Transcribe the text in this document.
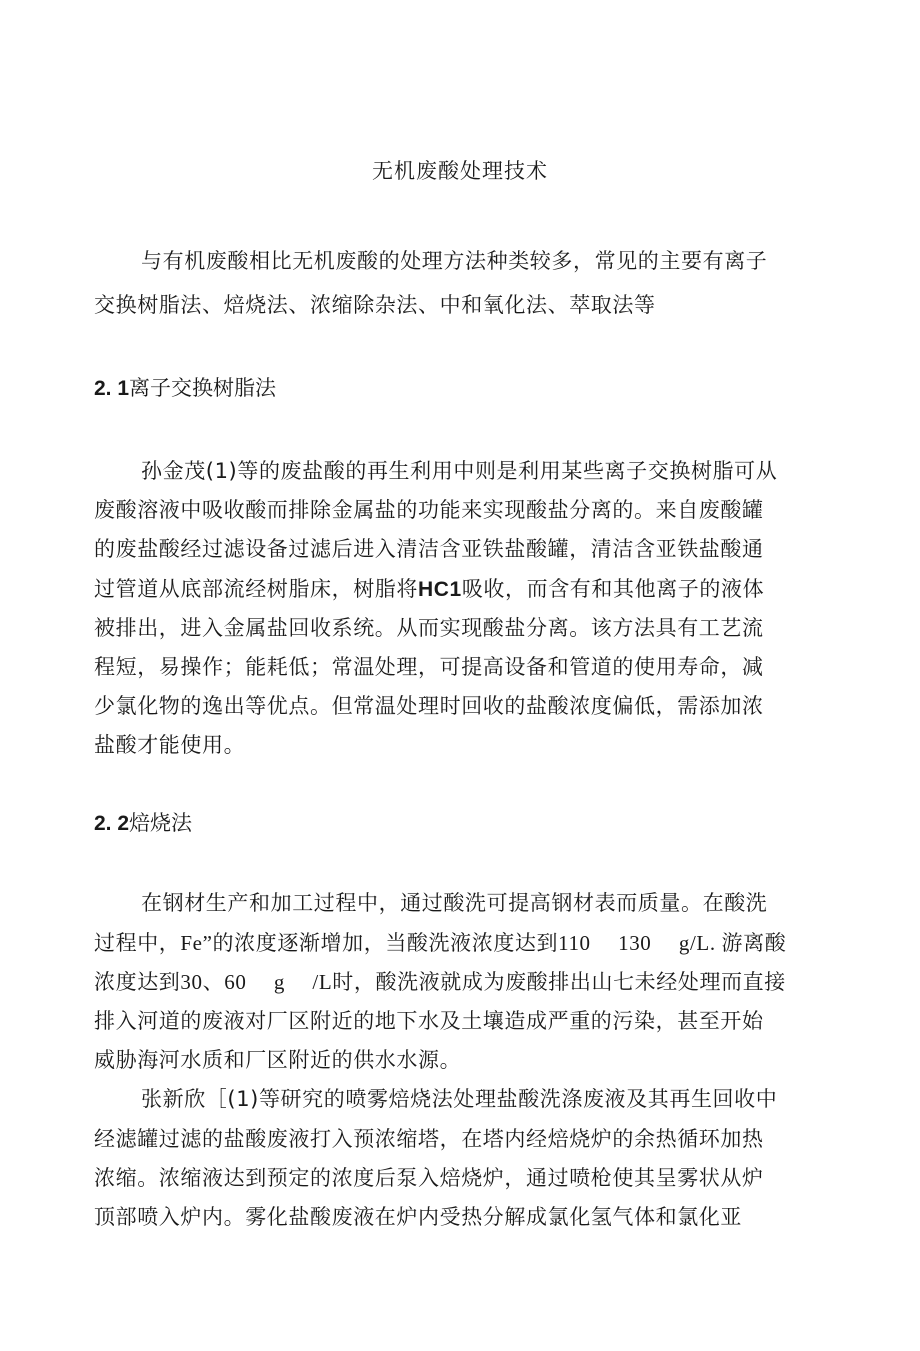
无机废酸处理技术
与有机废酸相比无机废酸的处理方法种类较多，常见的主要有离子
交换树脂法、焙烧法、浓缩除杂法、中和氧化法、萃取法等
2. 1离子交换树脂法
孙金茂(1)等的废盐酸的再生利用中则是利用某些离子交换树脂可从
废酸溶液中吸收酸而排除金属盐的功能来实现酸盐分离的。来自废酸罐
的废盐酸经过滤设备过滤后进入清洁含亚铁盐酸罐，清洁含亚铁盐酸通
过管道从底部流经树脂床，树脂将HC1吸收，而含有和其他离子的液体
被排出，进入金属盐回收系统。从而实现酸盐分离。该方法具有工艺流
程短，易操作；能耗低；常温处理，可提高设备和管道的使用寿命，减
少氯化物的逸出等优点。但常温处理时回收的盐酸浓度偏低，需添加浓
盐酸才能使用。
2. 2焙烧法
在钢材生产和加工过程中，通过酸洗可提高钢材表而质量。在酸洗
过程中，Fe”的浓度逐渐增加，当酸洗液浓度达到110　 130　 g/L. 游离酸
浓度达到30、60　 g　 /L时，酸洗液就成为废酸排出山七未经处理而直接
排入河道的废液对厂区附近的地下水及土壤造成严重的污染，甚至开始
威胁海河水质和厂区附近的供水水源。
张新欣［(1)等研究的喷雾焙烧法处理盐酸洗涤废液及其再生回收中
经滤罐过滤的盐酸废液打入预浓缩塔，在塔内经焙烧炉的余热循环加热
浓缩。浓缩液达到预定的浓度后泵入焙烧炉，通过喷枪使其呈雾状从炉
顶部喷入炉内。雾化盐酸废液在炉内受热分解成氯化氢气体和氯化亚
